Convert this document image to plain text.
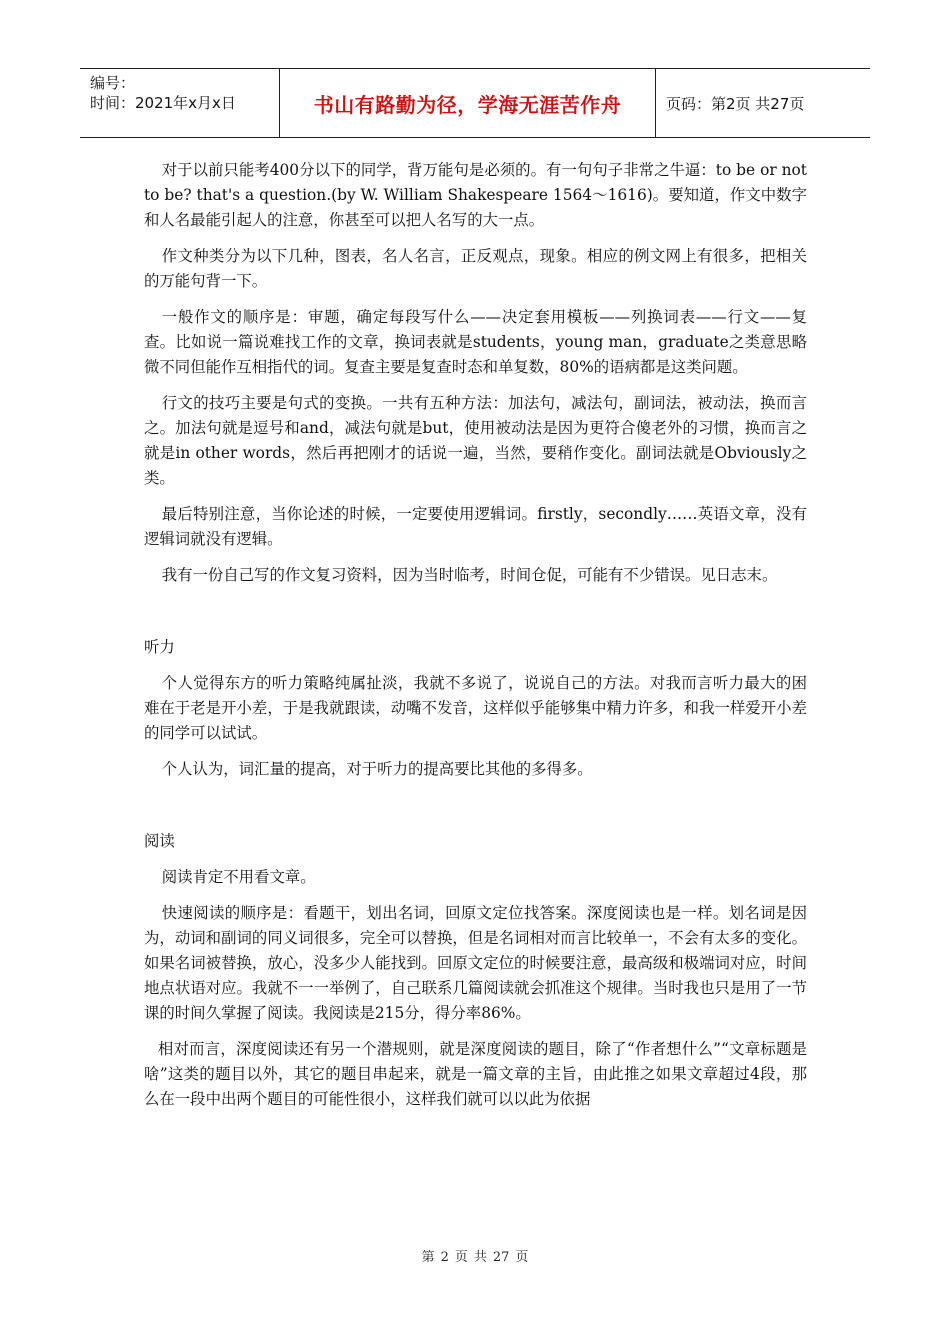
编号：
时间：2021年x月x日	书山有路勤为径，学海无涯苦作舟	页码：第2页 共27页

对于以前只能考400分以下的同学，背万能句是必须的。有一句句子非常之牛逼：to be or not to be? that's a question.(by W. William Shakespeare 1564～1616)。要知道，作文中数字和人名最能引起人的注意，你甚至可以把人名写的大一点。

作文种类分为以下几种，图表，名人名言，正反观点，现象。相应的例文网上有很多，把相关的万能句背一下。

一般作文的顺序是：审题，确定每段写什么——决定套用模板——列换词表——行文——复查。比如说一篇说难找工作的文章，换词表就是students，young man，graduate之类意思略微不同但能作互相指代的词。复查主要是复查时态和单复数，80%的语病都是这类问题。

行文的技巧主要是句式的变换。一共有五种方法：加法句，减法句，副词法，被动法，换而言之。加法句就是逗号和and，减法句就是but，使用被动法是因为更符合傻老外的习惯，换而言之就是in other words，然后再把刚才的话说一遍，当然，要稍作变化。副词法就是Obviously之类。

最后特别注意，当你论述的时候，一定要使用逻辑词。firstly，secondly……英语文章，没有逻辑词就没有逻辑。

我有一份自己写的作文复习资料，因为当时临考，时间仓促，可能有不少错误。见日志末。

听力

个人觉得东方的听力策略纯属扯淡，我就不多说了，说说自己的方法。对我而言听力最大的困难在于老是开小差，于是我就跟读，动嘴不发音，这样似乎能够集中精力许多，和我一样爱开小差的同学可以试试。

个人认为，词汇量的提高，对于听力的提高要比其他的多得多。

阅读

阅读肯定不用看文章。

快速阅读的顺序是：看题干，划出名词，回原文定位找答案。深度阅读也是一样。划名词是因为，动词和副词的同义词很多，完全可以替换，但是名词相对而言比较单一，不会有太多的变化。如果名词被替换，放心，没多少人能找到。回原文定位的时候要注意，最高级和极端词对应，时间地点状语对应。我就不一一举例了，自己联系几篇阅读就会抓准这个规律。当时我也只是用了一节课的时间久掌握了阅读。我阅读是215分，得分率86%。

相对而言，深度阅读还有另一个潜规则，就是深度阅读的题目，除了“作者想什么”“文章标题是啥”这类的题目以外，其它的题目串起来，就是一篇文章的主旨，由此推之如果文章超过4段，那么在一段中出两个题目的可能性很小，这样我们就可以以此为依据

第 2 页 共 27 页
